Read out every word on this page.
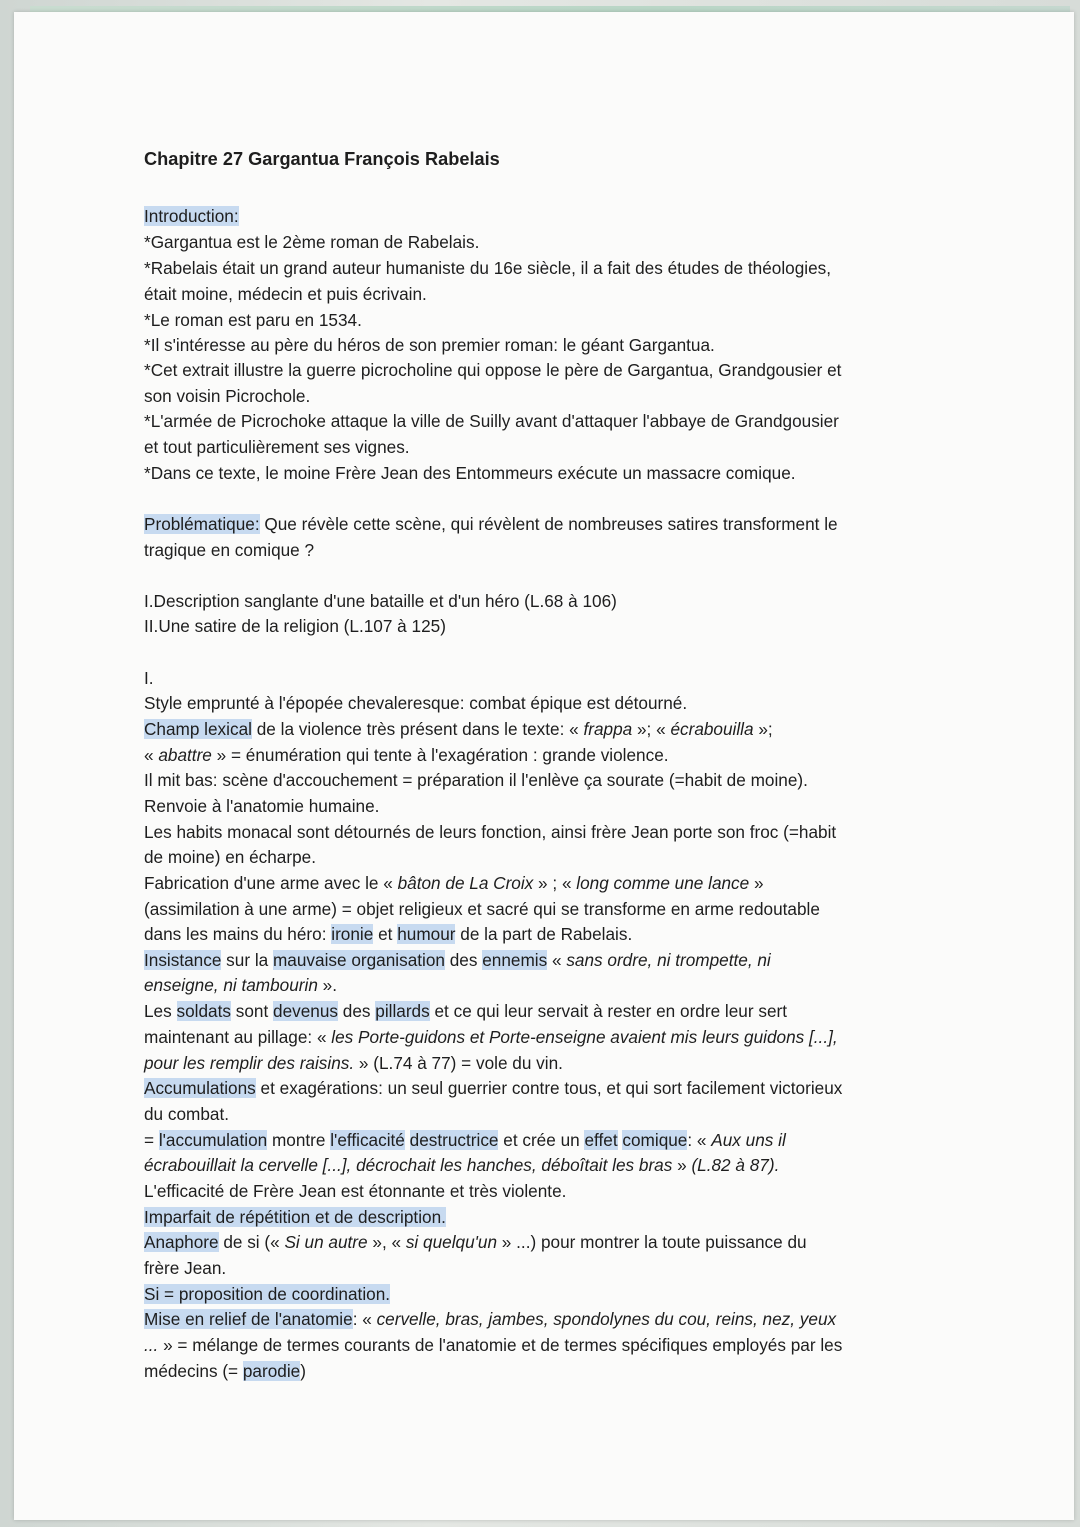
Chapitre 27 Gargantua François Rabelais
Introduction:
*Gargantua est le 2ème roman de Rabelais.
*Rabelais était un grand auteur humaniste du 16e siècle, il a fait des études de théologies,
était moine, médecin et puis écrivain.
*Le roman est paru en 1534.
*Il s'intéresse au père du héros de son premier roman: le géant Gargantua.
*Cet extrait illustre la guerre picrocholine qui oppose le père de Gargantua, Grandgousier et
son voisin Picrochole.
*L'armée de Picrochoke attaque la ville de Suilly avant d'attaquer l'abbaye de Grandgousier
et tout particulièrement ses vignes.
*Dans ce texte, le moine Frère Jean des Entommeurs exécute un massacre comique.
Problématique: Que révèle cette scène, qui révèlent de nombreuses satires transforment le
tragique en comique ?
I.Description sanglante d'une bataille et d'un héro (L.68 à 106)
II.Une satire de la religion (L.107 à 125)
I.
Style emprunté à l'épopée chevaleresque: combat épique est détourné.
Champ lexical de la violence très présent dans le texte: « frappa »; « écrabouilla »;
« abattre » = énumération qui tente à l'exagération : grande violence.
Il mit bas: scène d'accouchement = préparation il l'enlève ça sourate (=habit de moine).
Renvoie à l'anatomie humaine.
Les habits monacal sont détournés de leurs fonction, ainsi frère Jean porte son froc (=habit
de moine) en écharpe.
Fabrication d'une arme avec le « bâton de La Croix » ; « long comme une lance »
(assimilation à une arme) = objet religieux et sacré qui se transforme en arme redoutable
dans les mains du héro: ironie et humour de la part de Rabelais.
Insistance sur la mauvaise organisation des ennemis « sans ordre, ni trompette, ni
enseigne, ni tambourin ».
Les soldats sont devenus des pillards et ce qui leur servait à rester en ordre leur sert
maintenant au pillage: « les Porte-guidons et Porte-enseigne avaient mis leurs guidons [...],
pour les remplir des raisins. » (L.74 à 77) = vole du vin.
Accumulations et exagérations: un seul guerrier contre tous, et qui sort facilement victorieux
du combat.
= l'accumulation montre l'efficacité destructrice et crée un effet comique: « Aux uns il
écrabouillait la cervelle [...], décrochait les hanches, déboîtait les bras » (L.82 à 87).
L'efficacité de Frère Jean est étonnante et très violente.
Imparfait de répétition et de description.
Anaphore de si (« Si un autre », « si quelqu'un » ...) pour montrer la toute puissance du
frère Jean.
Si = proposition de coordination.
Mise en relief de l'anatomie: « cervelle, bras, jambes, spondolynes du cou, reins, nez, yeux
... » = mélange de termes courants de l'anatomie et de termes spécifiques employés par les
médecins (= parodie)
